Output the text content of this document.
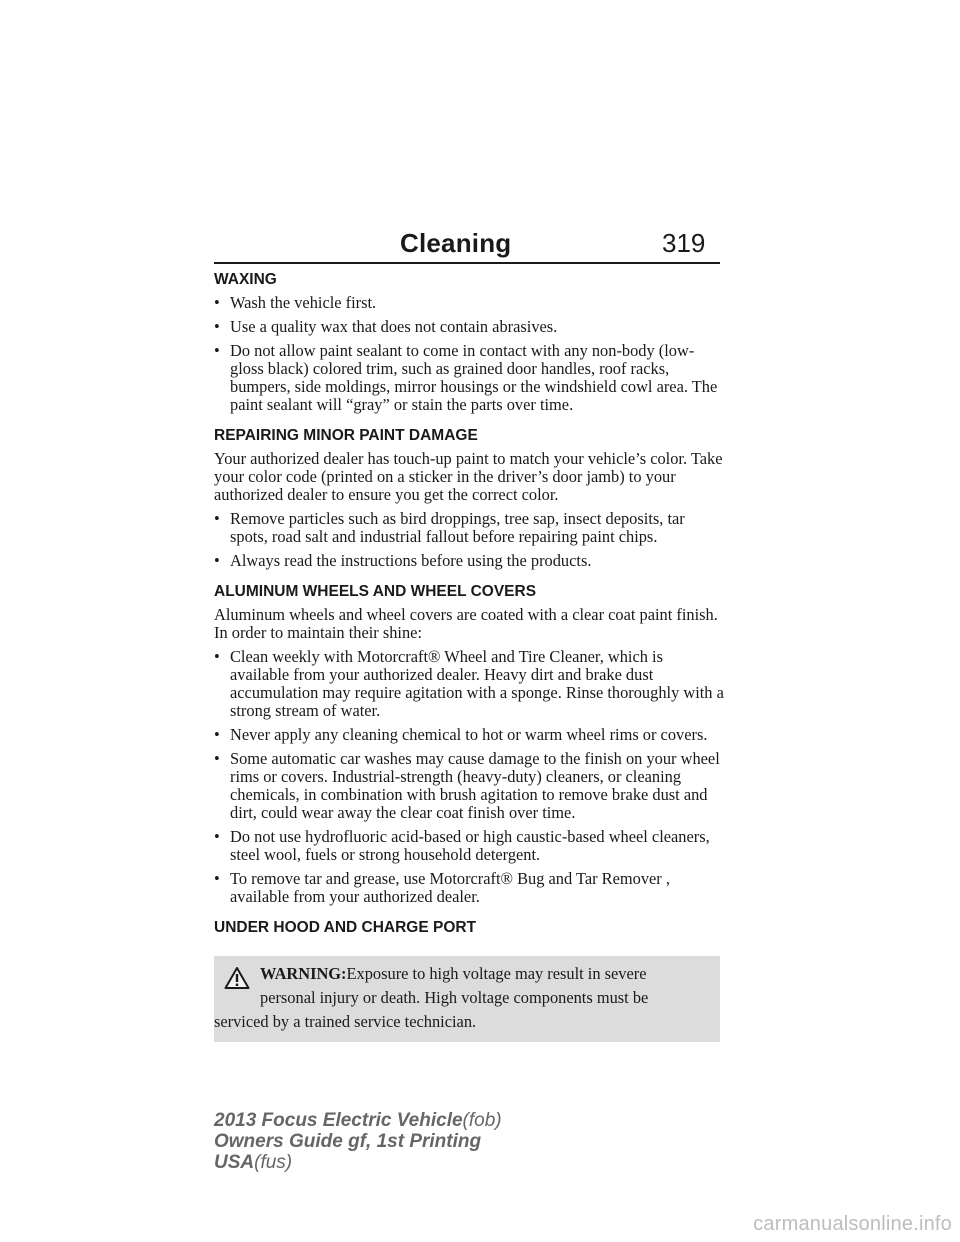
Cleaning	319
WAXING
• Wash the vehicle first.
• Use a quality wax that does not contain abrasives.
• Do not allow paint sealant to come in contact with any non-body (low-gloss black) colored trim, such as grained door handles, roof racks, bumpers, side moldings, mirror housings or the windshield cowl area. The paint sealant will “gray” or stain the parts over time.
REPAIRING MINOR PAINT DAMAGE

Your authorized dealer has touch-up paint to match your vehicle’s color. Take your color code (printed on a sticker in the driver’s door jamb) to your authorized dealer to ensure you get the correct color.

• Remove particles such as bird droppings, tree sap, insect deposits, tar spots, road salt and industrial fallout before repairing paint chips.
• Always read the instructions before using the products.
ALUMINUM WHEELS AND WHEEL COVERS

Aluminum wheels and wheel covers are coated with a clear coat paint finish. In order to maintain their shine:

• Clean weekly with Motorcraft® Wheel and Tire Cleaner, which is available from your authorized dealer. Heavy dirt and brake dust accumulation may require agitation with a sponge. Rinse thoroughly with a strong stream of water.
• Never apply any cleaning chemical to hot or warm wheel rims or covers.
• Some automatic car washes may cause damage to the finish on your wheel rims or covers. Industrial-strength (heavy-duty) cleaners, or cleaning chemicals, in combination with brush agitation to remove brake dust and dirt, could wear away the clear coat finish over time.
• Do not use hydrofluoric acid-based or high caustic-based wheel cleaners, steel wool, fuels or strong household detergent.
• To remove tar and grease, use Motorcraft® Bug and Tar Remover , available from your authorized dealer.
UNDER HOOD AND CHARGE PORT
WARNING:Exposure to high voltage may result in severe
personal injury or death. High voltage components must be
serviced by a trained service technician.
2013 Focus Electric Vehicle(fob)
Owners Guide gf, 1st Printing
USA(fus)
carmanualsonline.info
